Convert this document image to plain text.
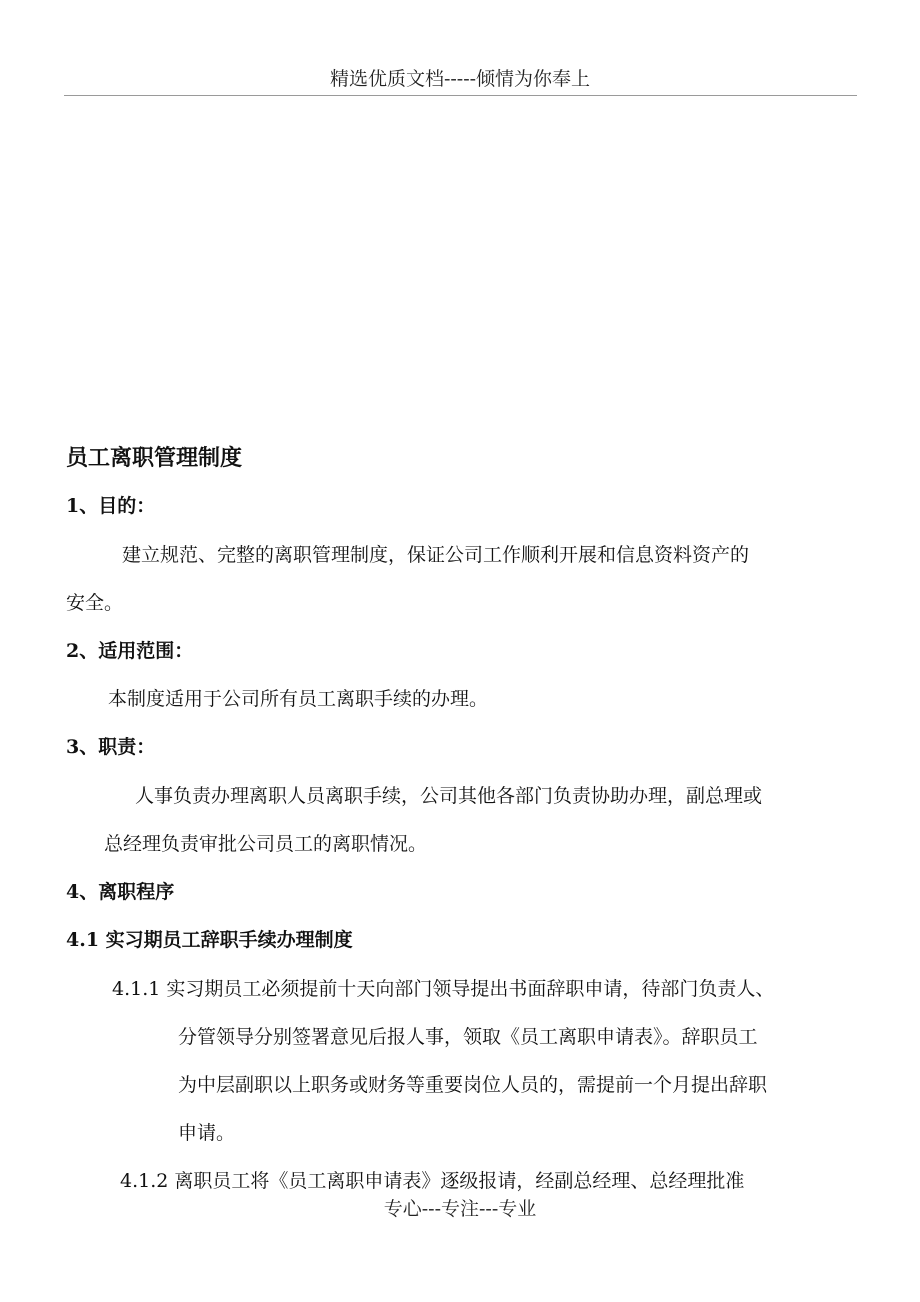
精选优质文档-----倾情为你奉上
员工离职管理制度
1、目的：
建立规范、完整的离职管理制度，保证公司工作顺利开展和信息资料资产的
安全。
2、适用范围：
本制度适用于公司所有员工离职手续的办理。
3、职责：
人事负责办理离职人员离职手续，公司其他各部门负责协助办理，副总理或
总经理负责审批公司员工的离职情况。
4、离职程序
4.1 实习期员工辞职手续办理制度
4.1.1 实习期员工必须提前十天向部门领导提出书面辞职申请，待部门负责人、
分管领导分别签署意见后报人事，领取《员工离职申请表》。辞职员工
为中层副职以上职务或财务等重要岗位人员的，需提前一个月提出辞职
申请。
4.1.2 离职员工将《员工离职申请表》逐级报请，经副总经理、总经理批准
专心---专注---专业
